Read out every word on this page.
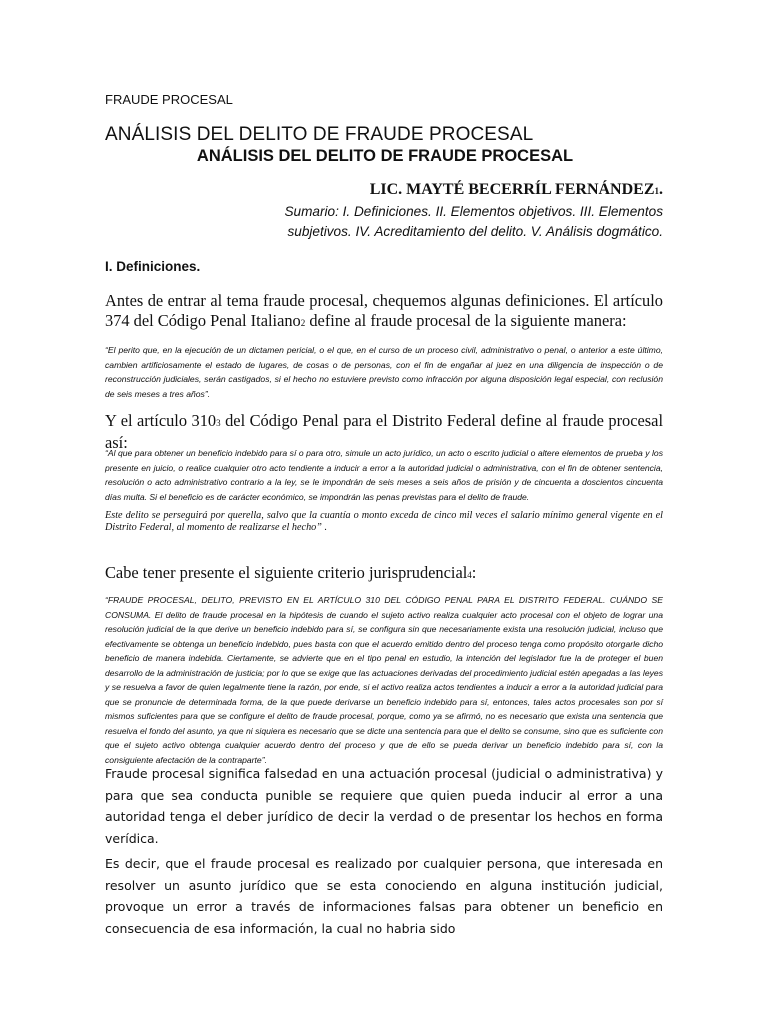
FRAUDE PROCESAL
ANÁLISIS DEL DELITO DE FRAUDE PROCESAL
ANÁLISIS DEL DELITO DE FRAUDE PROCESAL
LIC. MAYTÉ BECERRÍL FERNÁNDEZ1.
Sumario: I. Definiciones. II. Elementos objetivos. III. Elementos subjetivos. IV. Acreditamiento del delito. V. Análisis dogmático.
I. Definiciones.
Antes de entrar al tema fraude procesal, chequemos algunas definiciones. El artículo 374 del Código Penal Italiano2 define al fraude procesal de la siguiente manera:
“El perito que, en la ejecución de un dictamen pericial, o el que, en el curso de un proceso civil, administrativo o penal, o anterior a este último, cambien artificiosamente el estado de lugares, de cosas o de personas, con el fin de engañar al juez en una diligencia de inspección o de reconstrucción judiciales, serán castigados, si el hecho no estuviere previsto como infracción por alguna disposición legal especial, con reclusión de seis meses a tres años”.
Y el artículo 3103 del Código Penal para el Distrito Federal define al fraude procesal así:
“Al que para obtener un beneficio indebido para sí o para otro, simule un acto jurídico, un acto o escrito judicial o altere elementos de prueba y los presente en juicio, o realice cualquier otro acto tendiente a inducir a error a la autoridad judicial o administrativa, con el fin de obtener sentencia, resolución o acto administrativo contrario a la ley, se le impondrán de seis meses a seis años de prisión y de cincuenta a doscientos cincuenta días multa. Si el beneficio es de carácter económico, se impondrán las penas previstas para el delito de fraude.
Este delito se perseguirá por querella, salvo que la cuantía o monto exceda de cinco mil veces el salario mínimo general vigente en el Distrito Federal, al momento de realizarse el hecho” .
Cabe tener presente el siguiente criterio jurisprudencial4:
“FRAUDE PROCESAL, DELITO, PREVISTO EN EL ARTÍCULO 310 DEL CÓDIGO PENAL PARA EL DISTRITO FEDERAL. CUÁNDO SE CONSUMA. El delito de fraude procesal en la hipótesis de cuando el sujeto activo realiza cualquier acto procesal con el objeto de lograr una resolución judicial de la que derive un beneficio indebido para sí, se configura sin que necesariamente exista una resolución judicial, incluso que efectivamente se obtenga un beneficio indebido, pues basta con que el acuerdo emitido dentro del proceso tenga como propósito otorgarle dicho beneficio de manera indebida. Ciertamente, se advierte que en el tipo penal en estudio, la intención del legislador fue la de proteger el buen desarrollo de la administración de justicia; por lo que se exige que las actuaciones derivadas del procedimiento judicial estén apegadas a las leyes y se resuelva a favor de quien legalmente tiene la razón, por ende, si el activo realiza actos tendientes a inducir a error a la autoridad judicial para que se pronuncie de determinada forma, de la que puede derivarse un beneficio indebido para sí, entonces, tales actos procesales son por sí mismos suficientes para que se configure el delito de fraude procesal, porque, como ya se afirmó, no es necesario que exista una sentencia que resuelva el fondo del asunto, ya que ni siquiera es necesario que se dicte una sentencia para que el delito se consume, sino que es suficiente con que el sujeto activo obtenga cualquier acuerdo dentro del proceso y que de ello se pueda derivar un beneficio indebido para sí, con la consiguiente afectación de la contraparte”.
Fraude procesal significa falsedad en una actuación procesal (judicial o administrativa) y para que sea conducta punible se requiere que quien pueda inducir al error a una autoridad tenga el deber jurídico de decir la verdad o de presentar los hechos en forma verídica.
Es decir, que el fraude procesal es realizado por cualquier persona, que interesada en resolver un asunto jurídico que se esta conociendo en alguna institución judicial, provoque un error a través de informaciones falsas para obtener un beneficio en consecuencia de esa información, la cual no habria sido
